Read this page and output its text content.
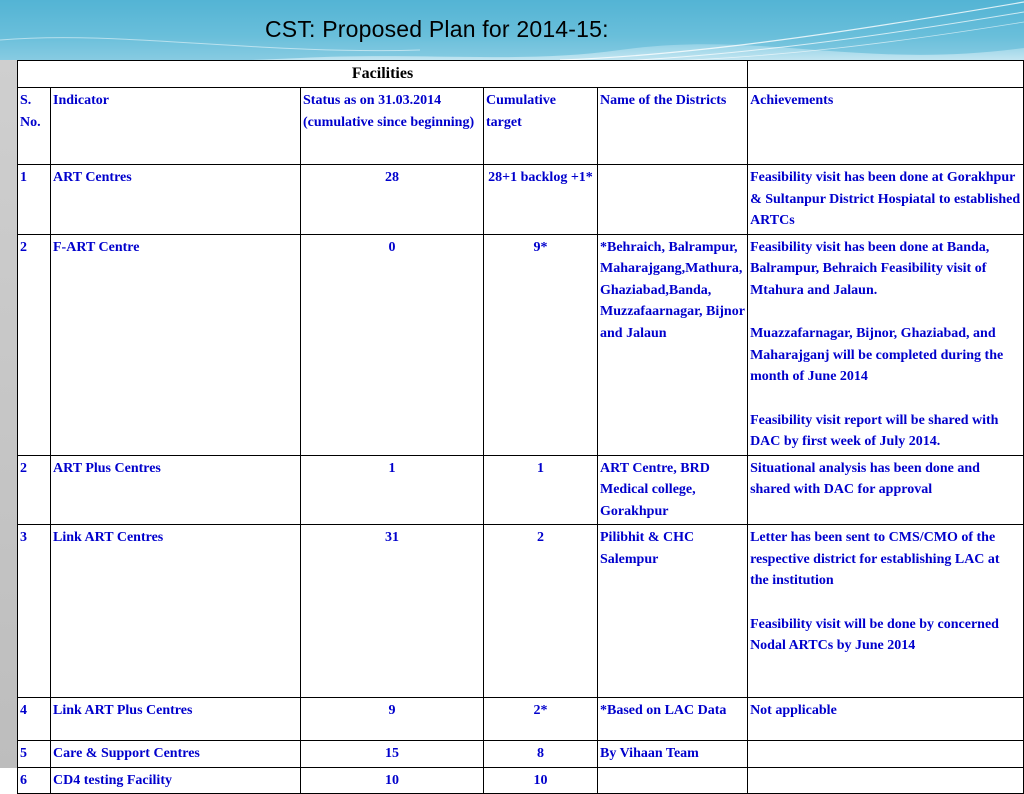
CST: Proposed Plan for 2014-15:
Facilities					
S. No.	Indicator	Status as on 31.03.2014 (cumulative since beginning)	Cumulative target	Name of the Districts	Achievements
1	ART Centres	28	28+1 backlog +1*		Feasibility visit has been done at Gorakhpur & Sultanpur District Hospiatal to established ARTCs

2	F-ART Centre	0	9*	*Behraich, Balrampur, Maharajgang,Mathura, Ghaziabad,Banda, Muzzafaarnagar, Bijnor and Jalaun	Feasibility visit has been done at Banda, Balrampur, Behraich Feasibility visit of Mtahura and Jalaun.
Muazzafarnagar, Bijnor, Ghaziabad, and Maharajganj will be completed during the month of June 2014
Feasibility visit report will be shared with DAC by first week of July 2014.

2	ART Plus Centres	1	1	ART Centre, BRD Medical college, Gorakhpur	Situational analysis has been done and shared with DAC for approval

3	Link ART Centres	31	2	Pilibhit & CHC Salempur	Letter has been sent to CMS/CMO of the respective district for establishing LAC at the institution
Feasibility visit will be done by concerned Nodal ARTCs by June 2014

4	Link ART Plus Centres	9	2*	*Based on LAC Data	Not applicable

5	Care & Support Centres	15	8	By Vihaan Team	
6	CD4 testing Facility	10	10		
